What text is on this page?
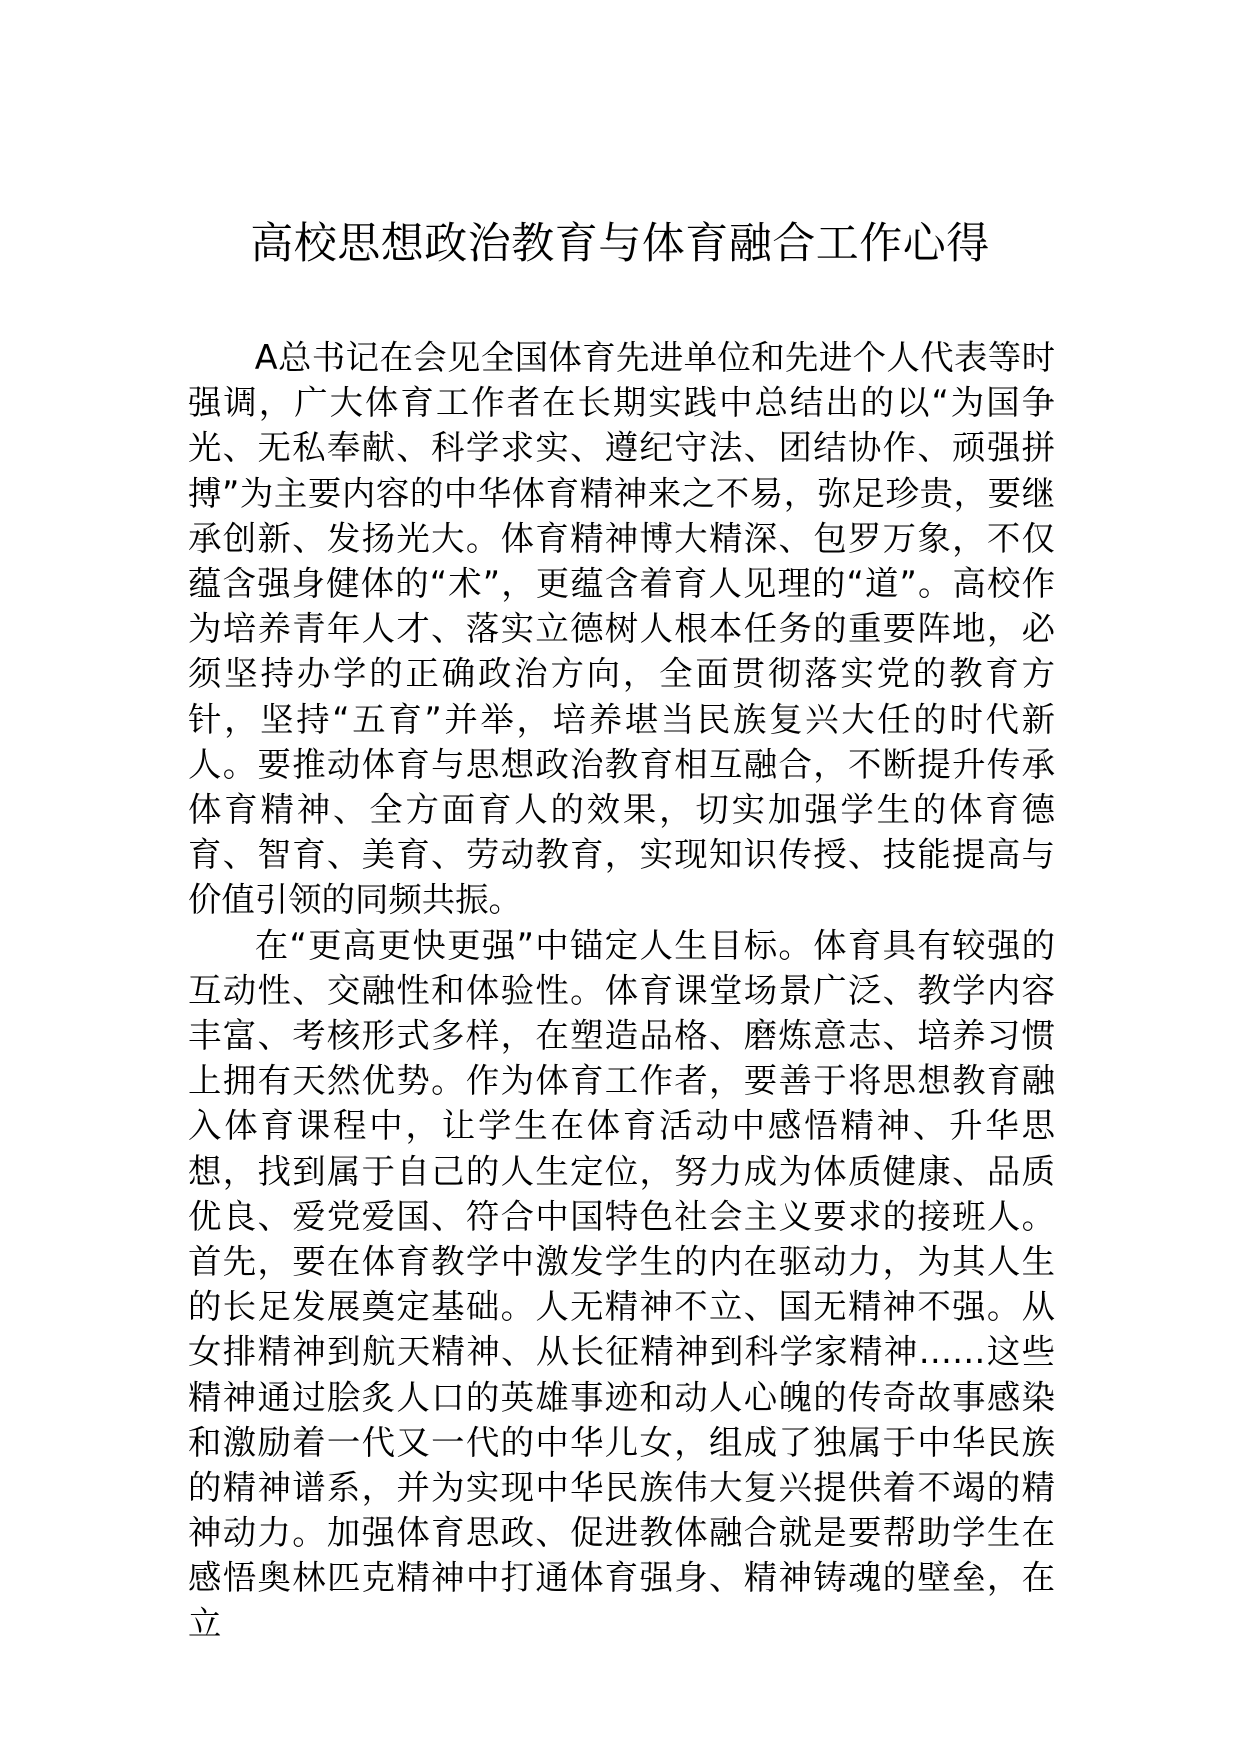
高校思想政治教育与体育融合工作心得

A总书记在会见全国体育先进单位和先进个人代表等时强调，广大体育工作者在长期实践中总结出的以“为国争光、无私奉献、科学求实、遵纪守法、团结协作、顽强拼搏”为主要内容的中华体育精神来之不易，弥足珍贵，要继承创新、发扬光大。体育精神博大精深、包罗万象，不仅蕴含强身健体的“术”，更蕴含着育人见理的“道”。高校作为培养青年人才、落实立德树人根本任务的重要阵地，必须坚持办学的正确政治方向，全面贯彻落实党的教育方针，坚持“五育”并举，培养堪当民族复兴大任的时代新人。要推动体育与思想政治教育相互融合，不断提升传承体育精神、全方面育人的效果，切实加强学生的体育德育、智育、美育、劳动教育，实现知识传授、技能提高与价值引领的同频共振。

在“更高更快更强”中锚定人生目标。体育具有较强的互动性、交融性和体验性。体育课堂场景广泛、教学内容丰富、考核形式多样，在塑造品格、磨炼意志、培养习惯上拥有天然优势。作为体育工作者，要善于将思想教育融入体育课程中，让学生在体育活动中感悟精神、升华思想，找到属于自己的人生定位，努力成为体质健康、品质优良、爱党爱国、符合中国特色社会主义要求的接班人。首先，要在体育教学中激发学生的内在驱动力，为其人生的长足发展奠定基础。人无精神不立、国无精神不强。从女排精神到航天精神、从长征精神到科学家精神……这些精神通过脍炙人口的英雄事迹和动人心魄的传奇故事感染和激励着一代又一代的中华儿女，组成了独属于中华民族的精神谱系，并为实现中华民族伟大复兴提供着不竭的精神动力。加强体育思政、促进教体融合就是要帮助学生在感悟奥林匹克精神中打通体育强身、精神铸魂的壁垒，在立
